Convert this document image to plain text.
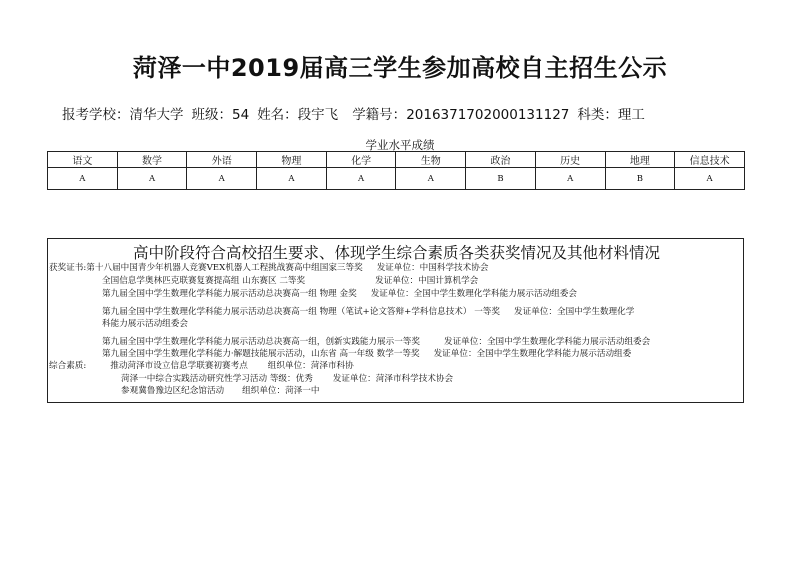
菏泽一中2019届高三学生参加高校自主招生公示
报考学校：清华大学 班级：54 姓名：段宇飞 学籍号：2016371702000131127 科类：理工
学业水平成绩
语文	数学	外语	物理	化学	生物	政治	历史	地理	信息技术
A	A	A	A	A	A	B	A	B	A
高中阶段符合高校招生要求、体现学生综合素质各类获奖情况及其他材料情况
获奖证书:第十八届中国青少年机器人竞赛VEX机器人工程挑战赛高中组国家三等奖 发证单位：中国科学技术协会
全国信息学奥林匹克联赛复赛提高组 山东赛区 二等奖	发证单位：中国计算机学会
第九届全国中学生数理化学科能力展示活动总决赛高一组 物理 金奖 发证单位：全国中学生数理化学科能力展示活动组委会
第九届全国中学生数理化学科能力展示活动总决赛高一组 物理（笔试+论文答辩+学科信息技术） 一等奖 发证单位：全国中学生数理化学
科能力展示活动组委会
第九届全国中学生数理化学科能力展示活动总决赛高一组，创新实践能力展示一等奖	发证单位：全国中学生数理化学科能力展示活动组委会
第九届全国中学生数理化学科能力·解题技能展示活动，山东省 高一年级 数学一等奖 发证单位：全国中学生数理化学科能力展示活动组委
综合素质:	推动菏泽市设立信息学联赛初赛考点 组织单位：菏泽市科协
菏泽一中综合实践活动研究性学习活动 等级：优秀 发证单位：菏泽市科学技术协会
参观冀鲁豫边区纪念馆活动 组织单位：菏泽一中
